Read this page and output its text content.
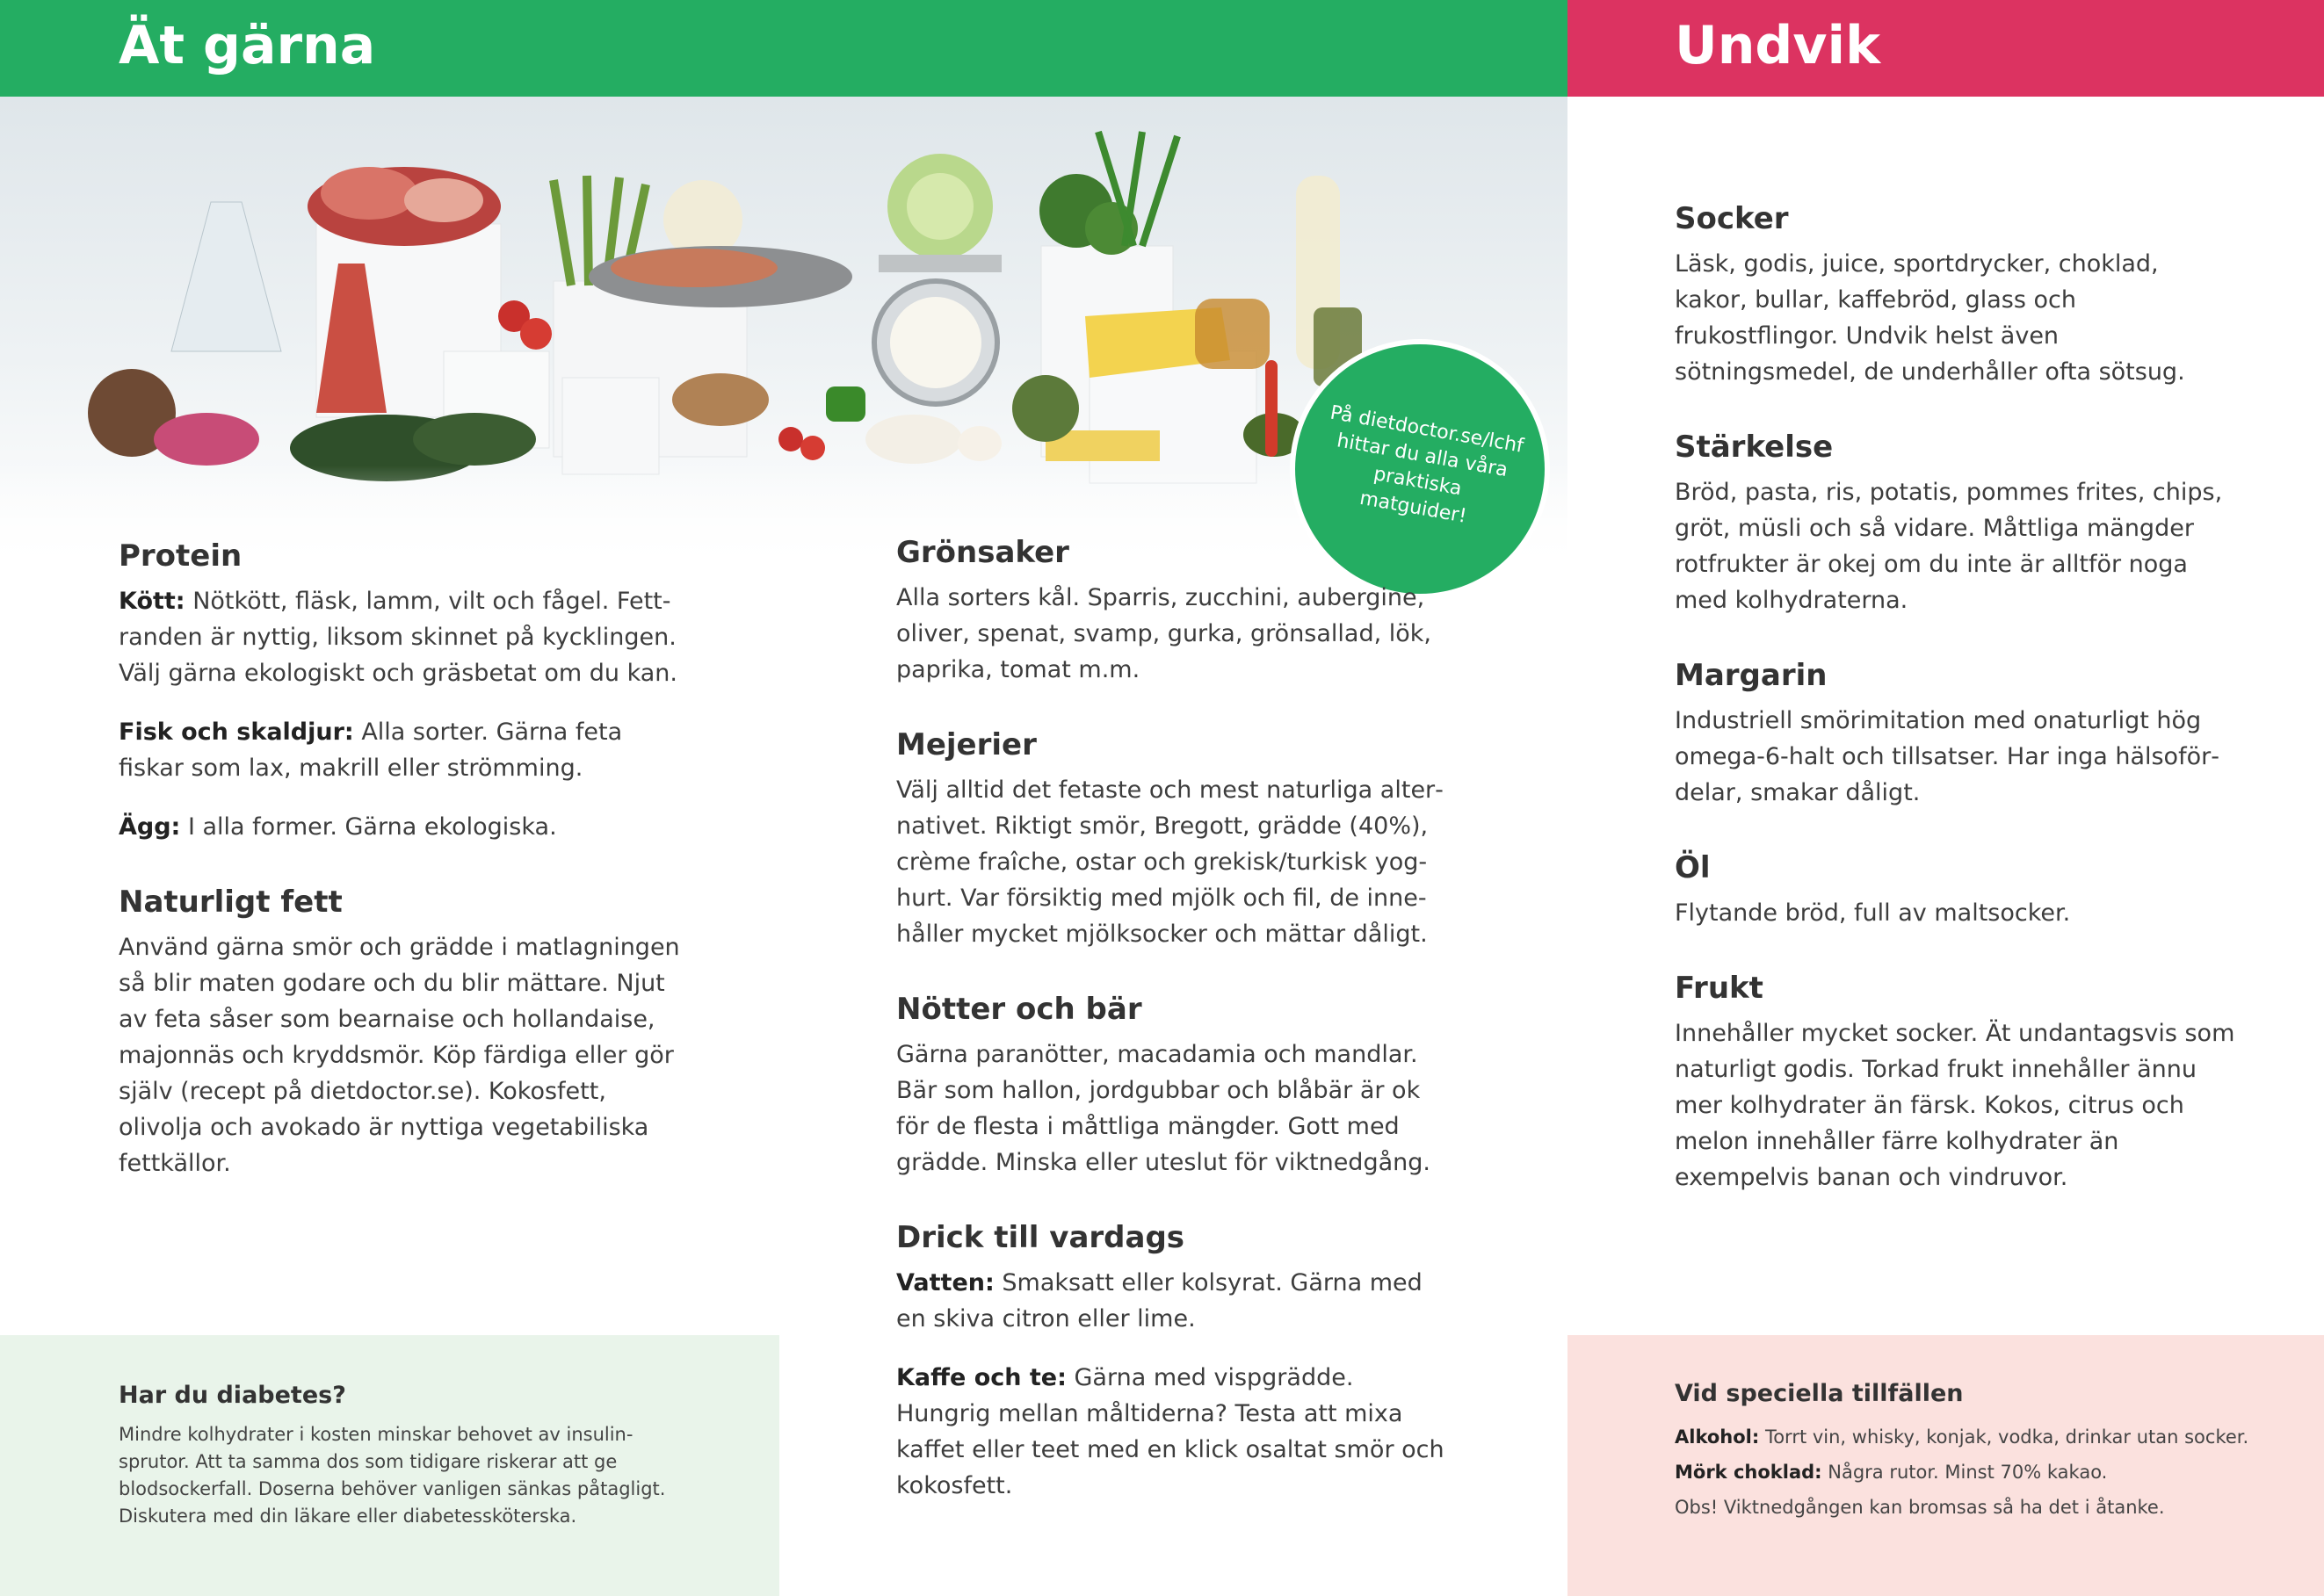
Ät gärna	Undvik
På dietdoctor.se/lchf
hittar du alla våra
praktiska matguider!
Protein

Kött: Nötkött, fläsk, lamm, vilt och fågel. Fettranden är nyttig, liksom skinnet på kycklingen. Välj gärna ekologiskt och gräsbetat om du kan.

Fisk och skaldjur: Alla sorter. Gärna feta fiskar som lax, makrill eller strömming.

Ägg: I alla former. Gärna ekologiska.

Naturligt fett

Använd gärna smör och grädde i matlagningen så blir maten godare och du blir mättare. Njut av feta såser som bearnaise och hollandaise, majonnäs och kryddsmör. Köp färdiga eller gör själv (recept på dietdoctor.se). Kokosfett, olivolja och avokado är nyttiga vegetabiliska fettkällor.

Grönsaker

Alla sorters kål. Sparris, zucchini, aubergine, oliver, spenat, svamp, gurka, grönsallad, lök, paprika, tomat m.m.

Mejerier

Välj alltid det fetaste och mest naturliga alternativet. Riktigt smör, Bregott, grädde (40%), crème fraîche, ostar och grekisk/turkisk yoghurt. Var försiktig med mjölk och fil, de innehåller mycket mjölksocker och mättar dåligt.

Nötter och bär

Gärna paranötter, macadamia och mandlar. Bär som hallon, jordgubbar och blåbär är ok för de flesta i måttliga mängder. Gott med grädde. Minska eller uteslut för viktnedgång.

Drick till vardags

Vatten: Smaksatt eller kolsyrat. Gärna med en skiva citron eller lime.

Kaffe och te: Gärna med vispgrädde. Hungrig mellan måltiderna? Testa att mixa kaffet eller teet med en klick osaltat smör och kokosfett.

Socker

Läsk, godis, juice, sportdrycker, choklad, kakor, bullar, kaffebröd, glass och frukostflingor. Undvik helst även sötningsmedel, de underhåller ofta sötsug.

Stärkelse

Bröd, pasta, ris, potatis, pommes frites, chips, gröt, müsli och så vidare. Måttliga mängder rotfrukter är okej om du inte är alltför noga med kolhydraterna.

Margarin

Industriell smörimitation med onaturligt hög omega-6-halt och tillsatser. Har inga hälsofördelar, smakar dåligt.

Öl

Flytande bröd, full av maltsocker.

Frukt

Innehåller mycket socker. Ät undantagsvis som naturligt godis. Torkad frukt innehåller ännu mer kolhydrater än färsk. Kokos, citrus och melon innehåller färre kolhydrater än exempelvis banan och vindruvor.

Har du diabetes?

Mindre kolhydrater i kosten minskar behovet av insulinsprutor. Att ta samma dos som tidigare riskerar att ge blodsockerfall. Doserna behöver vanligen sänkas påtagligt. Diskutera med din läkare eller diabetessköterska.

Vid speciella tillfällen

Alkohol: Torrt vin, whisky, konjak, vodka, drinkar utan socker.

Mörk choklad: Några rutor. Minst 70% kakao.

Obs! Viktnedgången kan bromsas så ha det i åtanke.
